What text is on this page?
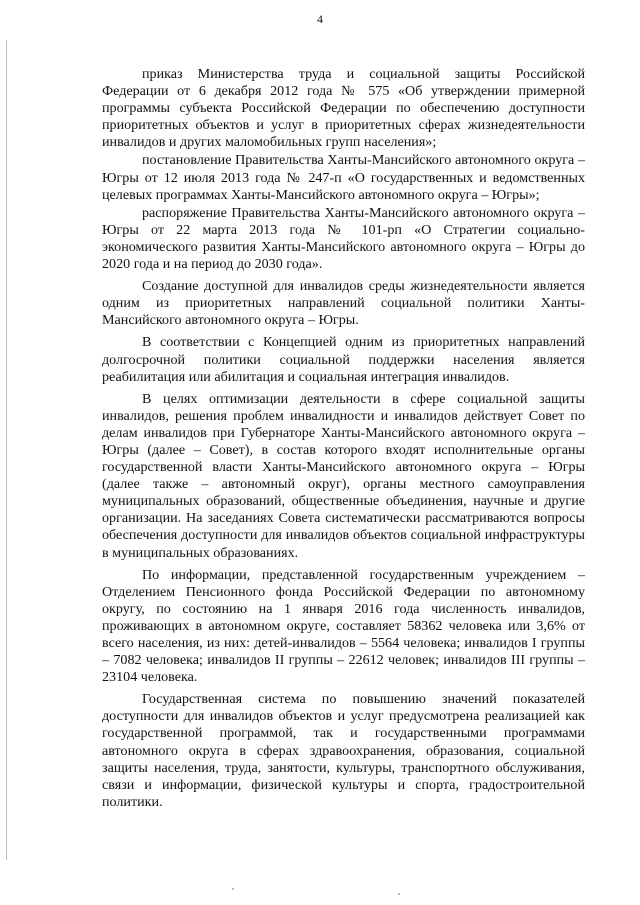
4

приказ Министерства труда и социальной защиты Российской Федерации от 6 декабря 2012 года № 575 «Об утверждении примерной программы субъекта Российской Федерации по обеспечению доступности приоритетных объектов и услуг в приоритетных сферах жизнедеятельности инвалидов и других маломобильных групп населения»;

постановление Правительства Ханты-Мансийского автономного округа – Югры от 12 июля 2013 года № 247-п «О государственных и ведомственных целевых программах Ханты-Мансийского автономного округа – Югры»;

распоряжение Правительства Ханты-Мансийского автономного округа – Югры от 22 марта 2013 года № 101-рп «О Стратегии социально-экономического развития Ханты-Мансийского автономного округа – Югры до 2020 года и на период до 2030 года».

Создание доступной для инвалидов среды жизнедеятельности является одним из приоритетных направлений социальной политики Ханты-Мансийского автономного округа – Югры.

В соответствии с Концепцией одним из приоритетных направлений долгосрочной политики социальной поддержки населения является реабилитация или абилитация и социальная интеграция инвалидов.

В целях оптимизации деятельности в сфере социальной защиты инвалидов, решения проблем инвалидности и инвалидов действует Совет по делам инвалидов при Губернаторе Ханты-Мансийского автономного округа – Югры (далее – Совет), в состав которого входят исполнительные органы государственной власти Ханты-Мансийского автономного округа – Югры (далее также – автономный округ), органы местного самоуправления муниципальных образований, общественные объединения, научные и другие организации. На заседаниях Совета систематически рассматриваются вопросы обеспечения доступности для инвалидов объектов социальной инфраструктуры в муниципальных образованиях.

По информации, представленной государственным учреждением – Отделением Пенсионного фонда Российской Федерации по автономному округу, по состоянию на 1 января 2016 года численность инвалидов, проживающих в автономном округе, составляет 58362 человека или 3,6% от всего населения, из них: детей-инвалидов – 5564 человека; инвалидов I группы – 7082 человека; инвалидов II группы – 22612 человек; инвалидов III группы – 23104 человека.

Государственная система по повышению значений показателей доступности для инвалидов объектов и услуг предусмотрена реализацией как государственной программой, так и государственными программами автономного округа в сферах здравоохранения, образования, социальной защиты населения, труда, занятости, культуры, транспортного обслуживания, связи и информации, физической культуры и спорта, градостроительной политики.
